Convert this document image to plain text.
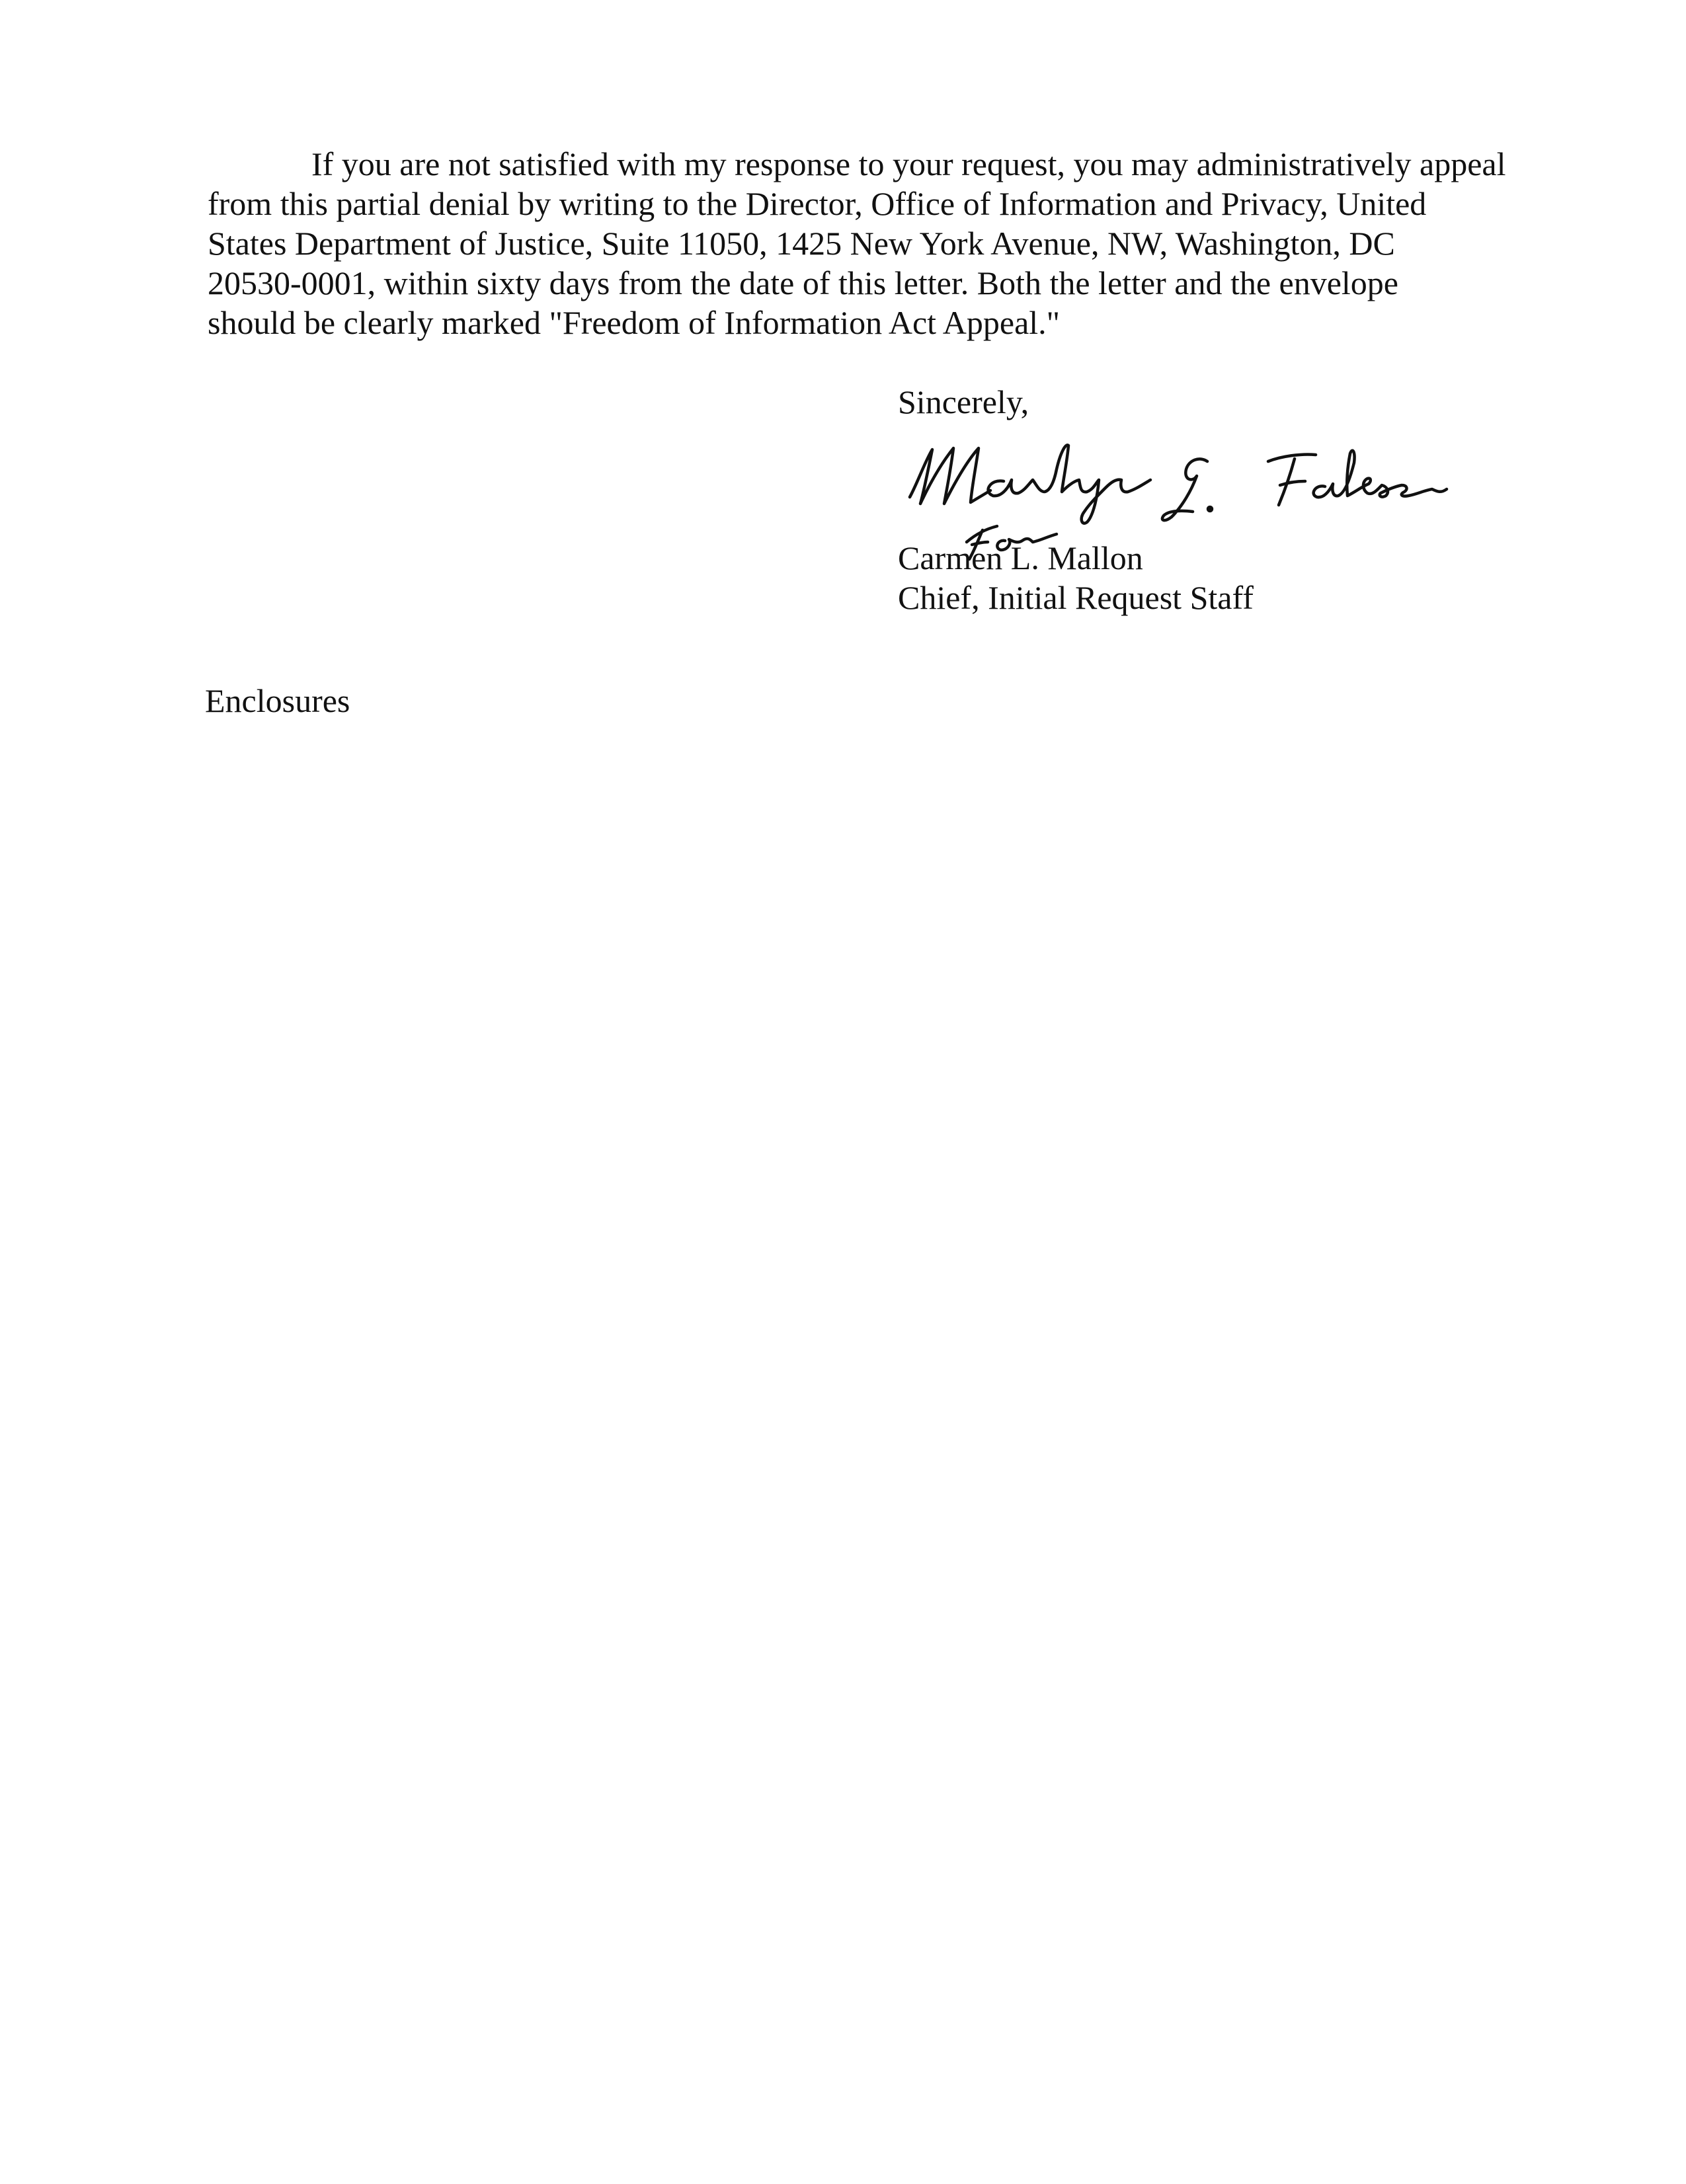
If you are not satisfied with my response to your request, you may administratively appeal
from this partial denial by writing to the Director, Office of Information and Privacy, United
States Department of Justice, Suite 11050, 1425 New York Avenue, NW, Washington, DC
20530-0001, within sixty days from the date of this letter. Both the letter and the envelope
should be clearly marked "Freedom of Information Act Appeal."

Sincerely,
Carmen L. Mallon
Chief, Initial Request Staff
Enclosures
